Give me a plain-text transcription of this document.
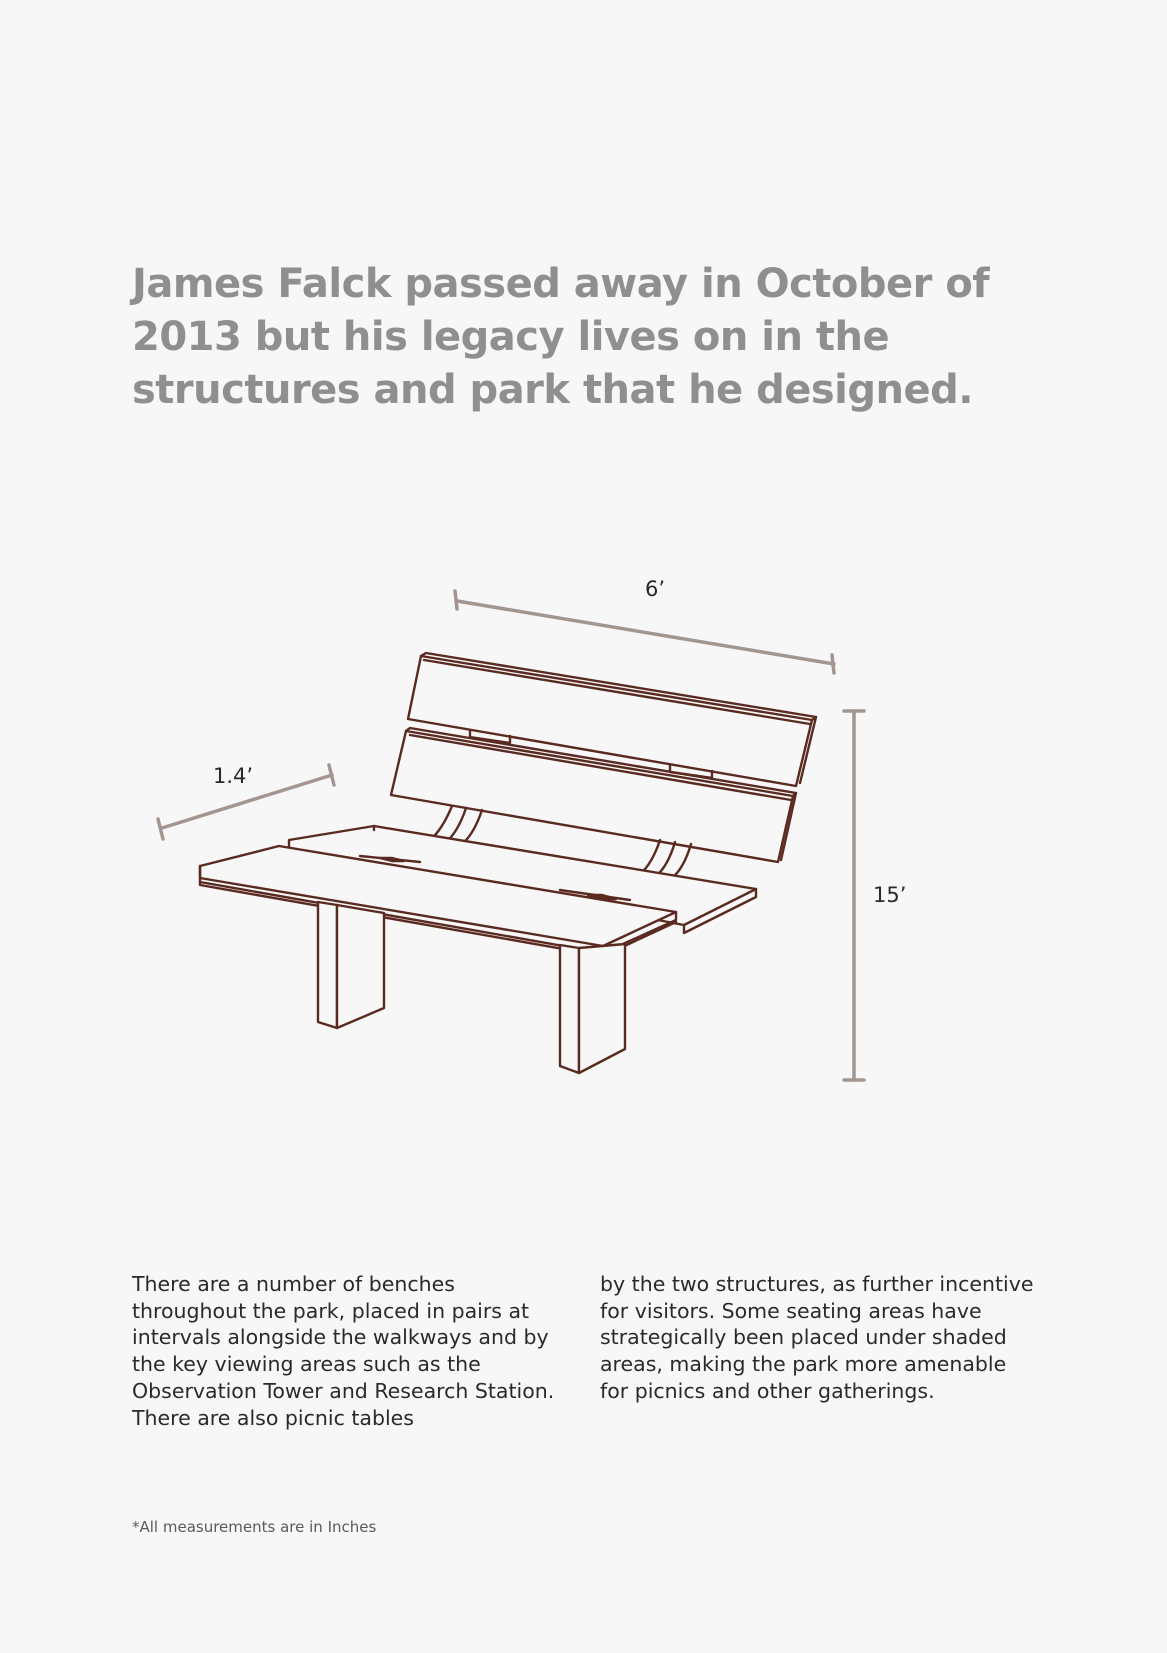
James Falck passed away in October of 2013 but his legacy lives on in the structures and park that he designed.
6’
1.4’
15’

There are a number of benches throughout the park, placed in pairs at intervals alongside the walkways and by the key viewing areas such as the Observation Tower and Research Station. There are also picnic tables

by the two structures, as further incentive for visitors. Some seating areas have strategically been placed under shaded areas, making the park more amenable for picnics and other gatherings.

*All measurements are in Inches
